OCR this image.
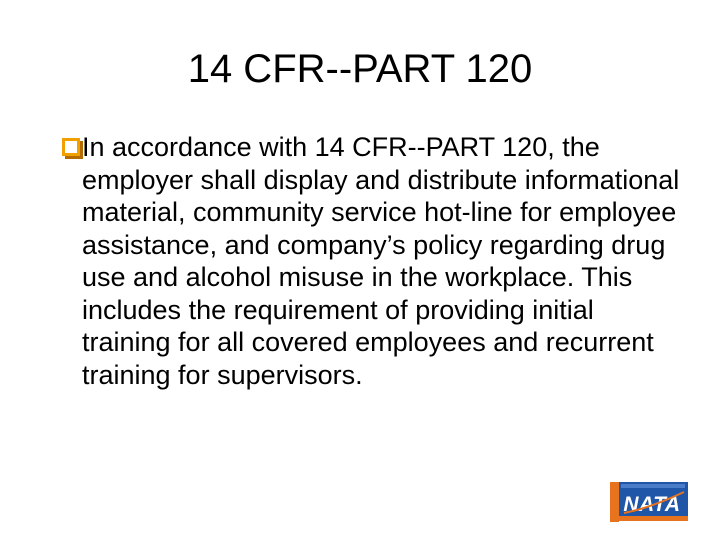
14 CFR--PART 120

In accordance with 14 CFR--PART 120, the employer shall display and distribute informational material, community service hot-line for employee assistance, and company’s policy regarding drug use and alcohol misuse in the workplace. This includes the requirement of providing initial training for all covered employees and recurrent training for supervisors.

NATA
